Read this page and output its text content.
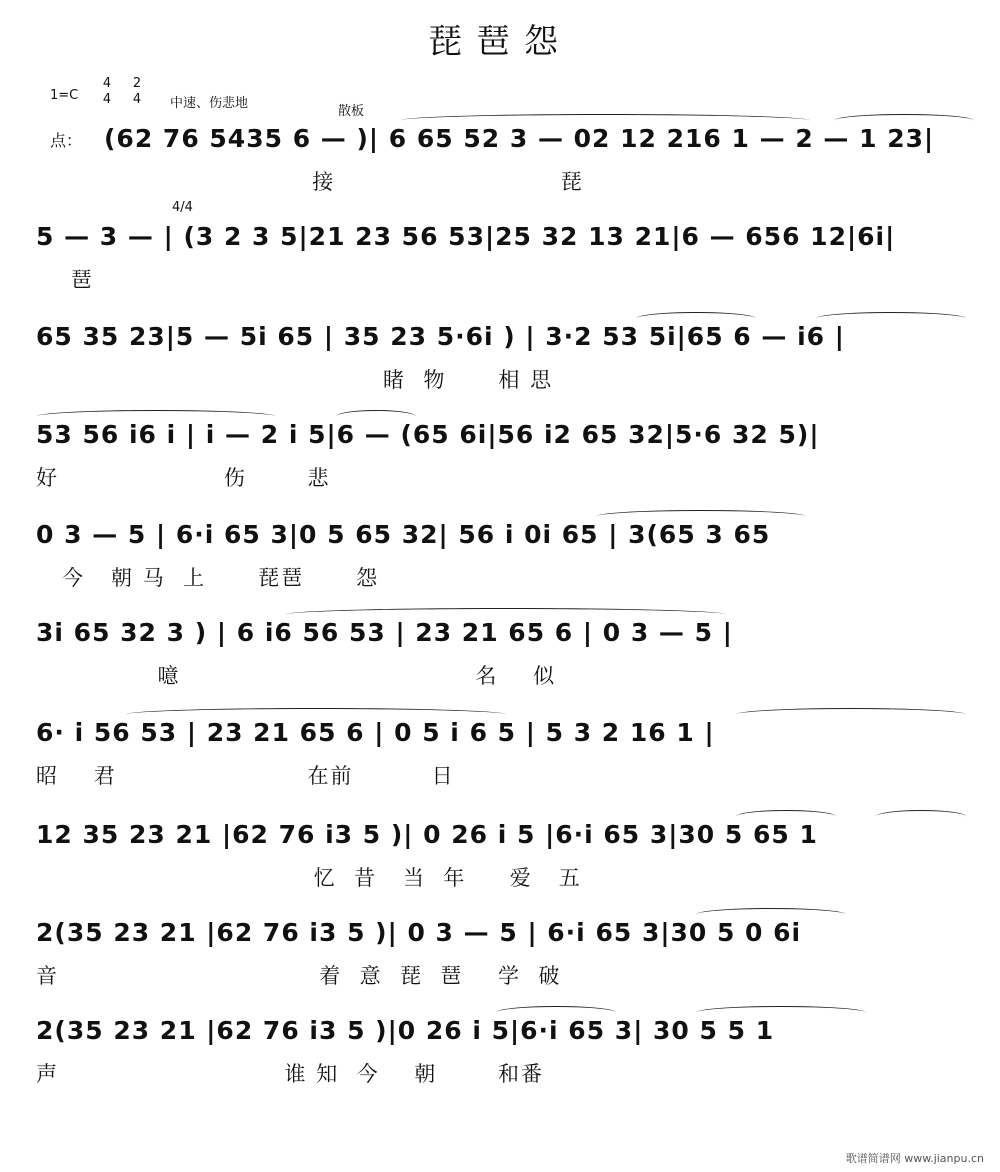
琵琶怨
1=C
4
4
2
4 中速、伤悲地
散板
点：
4/4
(62 76 5435 6 — )| 6 65 52 3 — 02 12 216 1 — 2 — 1 23|
接                          琵
5 — 3 — | (3 2 3 5|21 23 56 53|25 32 13 21|6 — 656 12|6i|
琶
65 35 23|5 — 5i 65 | 35 23 5·6i ) | 3·2 53 5i|65 6 — i6 |
睹  物      相 思
53 56 i6 i | i — 2 i 5|6 — (65 6i|56 i2 65 32|5·6 32 5)|
好                   伤       悲
0 3 — 5 | 6·i 65 3|0 5 65 32| 56 i 0i 65 | 3(65 3 65
今   朝 马  上      琵琶      怨
3i 65 32 3 ) | 6 i6 56 53 | 23 21 65 6 | 0 3 — 5 |
噫                                  名    似
6· i 56 53 | 23 21 65 6 | 0 5 i 6 5 | 5 3 2 16 1 |
昭    君                      在前         日
12 35 23 21 |62 76 i3 5 )| 0 26 i 5 |6·i 65 3|30 5 65 1
忆  昔   当  年     爱   五
2(35 23 21 |62 76 i3 5 )| 0 3 — 5 | 6·i 65 3|30 5 0 6i
音                              着  意  琵  琶    学  破
2(35 23 21 |62 76 i3 5 )|0 26 i 5|6·i 65 3| 30 5 5 1
声                          谁 知  今    朝       和番
歌谱简谱网 www.jianpu.cn
